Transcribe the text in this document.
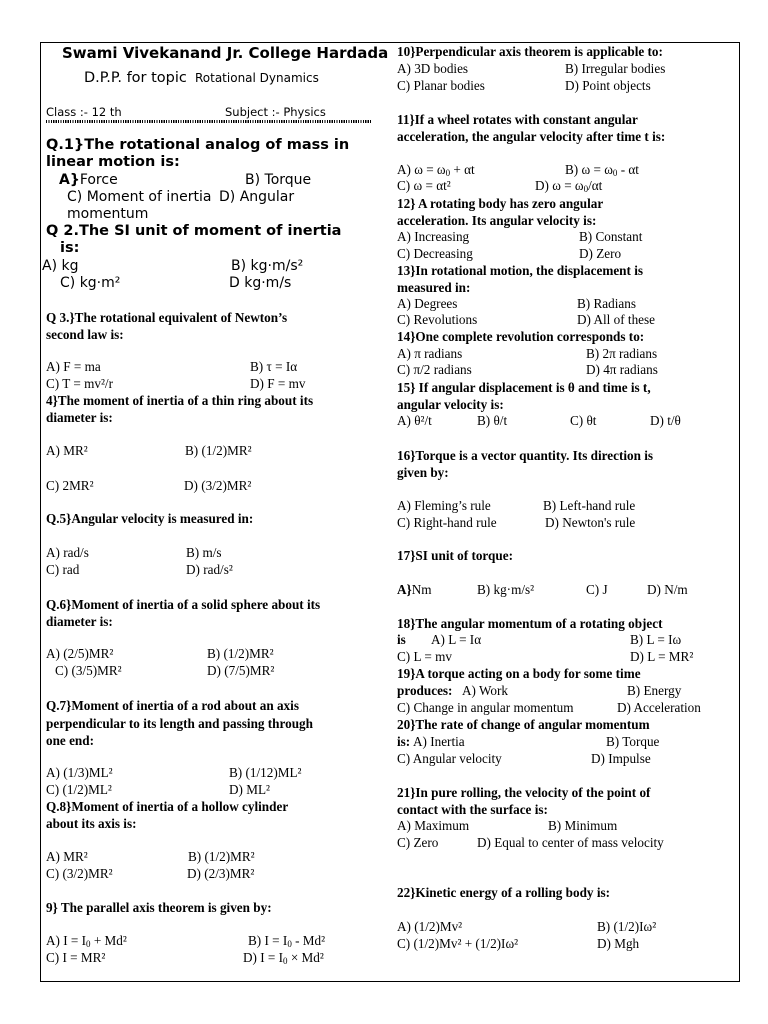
Swami Vivekanand Jr. College Hardada
D.P.P. for topic Rotational Dynamics
Class :- 12 th	Subject :- Physics
Q.1}The rotational analog of mass in
linear motion is:
A}Force	B) Torque
C) Moment of inertia D) Angular
momentum
Q 2.The SI unit of moment of inertia
is:
A) kg	B) kg·m/s²
C) kg·m²	D kg·m/s
Q 3.}The rotational equivalent of Newton’s
second law is:
A) F = ma	B) τ = Iα
C) T = mv²/r	D) F = mv
4}The moment of inertia of a thin ring about its
diameter is:
A) MR²	B) (1/2)MR²
C) 2MR²	D) (3/2)MR²
Q.5}Angular velocity is measured in:
A) rad/s	B) m/s
C) rad	D) rad/s²
Q.6}Moment of inertia of a solid sphere about its
diameter is:
A) (2/5)MR²	B) (1/2)MR²
C) (3/5)MR²	D) (7/5)MR²
Q.7}Moment of inertia of a rod about an axis
perpendicular to its length and passing through
one end:
A) (1/3)ML²	B) (1/12)ML²
C) (1/2)ML²	D) ML²
Q.8}Moment of inertia of a hollow cylinder
about its axis is:
A) MR²	B) (1/2)MR²
C) (3/2)MR²	D) (2/3)MR²
9} The parallel axis theorem is given by:
A) $I = I_0 + Md^2$	B) $I = I_0 - Md^2$
C) I = MR²	D) $I = I_0 \times Md^2$
10}Perpendicular axis theorem is applicable to:
A) 3D bodies	B) Irregular bodies
C) Planar bodies	D) Point objects
11}If a wheel rotates with constant angular
acceleration, the angular velocity after time t is:
A) $\omega = \omega_0 + \alpha t$	B) $\omega = \omega_0 - \alpha t$
C) ω = αt²	D) $\omega = \omega_0/\alpha t$
12} A rotating body has zero angular
acceleration. Its angular velocity is:
A) Increasing	B) Constant
C) Decreasing	D) Zero
13}In rotational motion, the displacement is
measured in:
A) Degrees	B) Radians
C) Revolutions	D) All of these
14}One complete revolution corresponds to:
A) π radians	B) 2π radians
C) π/2 radians	D) 4π radians
15} If angular displacement is θ and time is t,
angular velocity is:
A) θ²/t	B) θ/t	C) θt	D) t/θ
16}Torque is a vector quantity. Its direction is
given by:
A) Fleming’s rule	B) Left-hand rule
C) Right-hand rule	D) Newton's rule
17}SI unit of torque:
A}Nm	B) kg·m/s²	C) J	D) N/m
18}The angular momentum of a rotating object
is A) L = Iα	B) L = Iω
C) L = mv	D) L = MR²
19}A torque acting on a body for some time
produces: A) Work	B) Energy
C) Change in angular momentum	D) Acceleration
20}The rate of change of angular momentum
is: A) Inertia	B) Torque
C) Angular velocity	D) Impulse
21}In pure rolling, the velocity of the point of
contact with the surface is:
A) Maximum	B) Minimum
C) Zero	D) Equal to center of mass velocity
22}Kinetic energy of a rolling body is:
A) (1/2)Mv²	B) (1/2)Iω²
C) (1/2)Mv² + (1/2)Iω²	D) Mgh
